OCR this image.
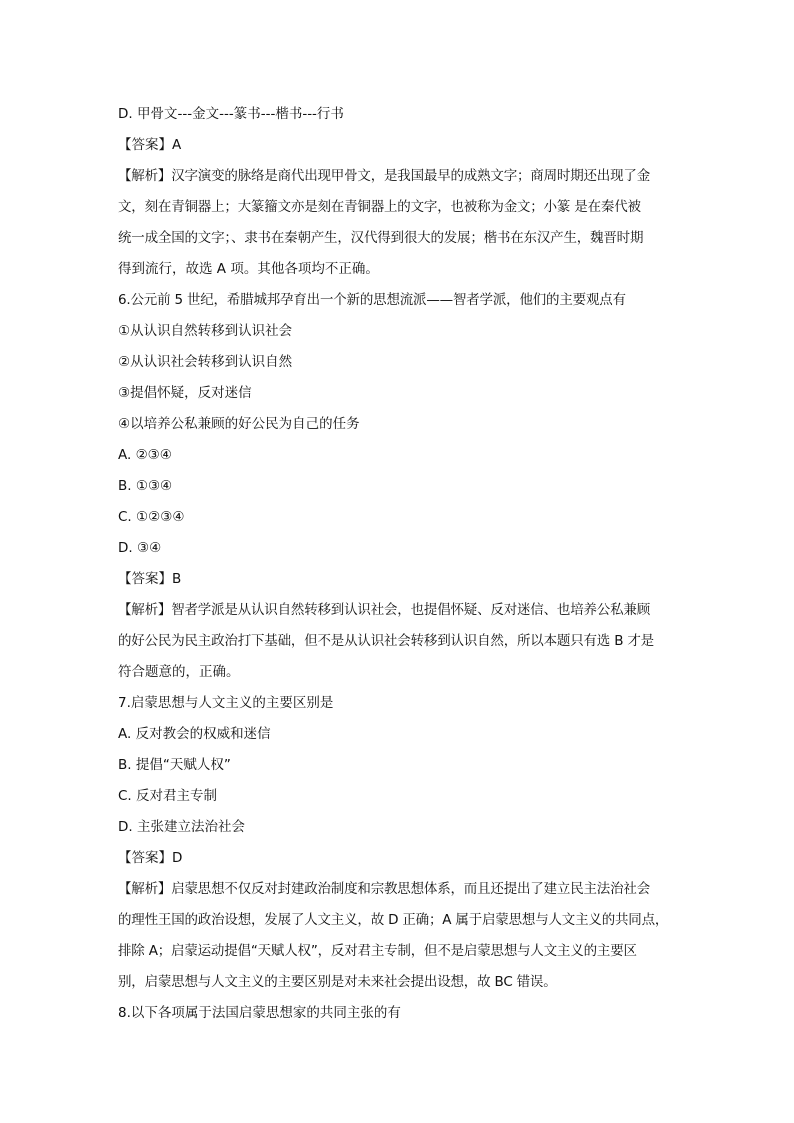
D. 甲骨文---金文---篆书---楷书---行书
【答案】A
【解析】汉字演变的脉络是商代出现甲骨文，是我国最早的成熟文字；商周时期还出现了金
文，刻在青铜器上；大篆籀文亦是刻在青铜器上的文字，也被称为金文；小篆 是在秦代被
统一成全国的文字；、隶书在秦朝产生，汉代得到很大的发展；楷书在东汉产生，魏晋时期
得到流行，故选 A 项。其他各项均不正确。
6.公元前 5 世纪，希腊城邦孕育出一个新的思想流派——智者学派，他们的主要观点有
①从认识自然转移到认识社会
②从认识社会转移到认识自然
③提倡怀疑，反对迷信
④以培养公私兼顾的好公民为自己的任务
A. ②③④
B. ①③④
C. ①②③④
D. ③④
【答案】B
【解析】智者学派是从认识自然转移到认识社会，也提倡怀疑、反对迷信、也培养公私兼顾
的好公民为民主政治打下基础，但不是从认识社会转移到认识自然，所以本题只有选 B 才是
符合题意的，正确。
7.启蒙思想与人文主义的主要区别是
A. 反对教会的权威和迷信
B. 提倡“天赋人权”
C. 反对君主专制
D. 主张建立法治社会
【答案】D
【解析】启蒙思想不仅反对封建政治制度和宗教思想体系，而且还提出了建立民主法治社会
的理性王国的政治设想，发展了人文主义，故 D 正确；A 属于启蒙思想与人文主义的共同点，
排除 A；启蒙运动提倡“天赋人权”，反对君主专制，但不是启蒙思想与人文主义的主要区
别，启蒙思想与人文主义的主要区别是对未来社会提出设想，故 BC 错误。
8.以下各项属于法国启蒙思想家的共同主张的有
